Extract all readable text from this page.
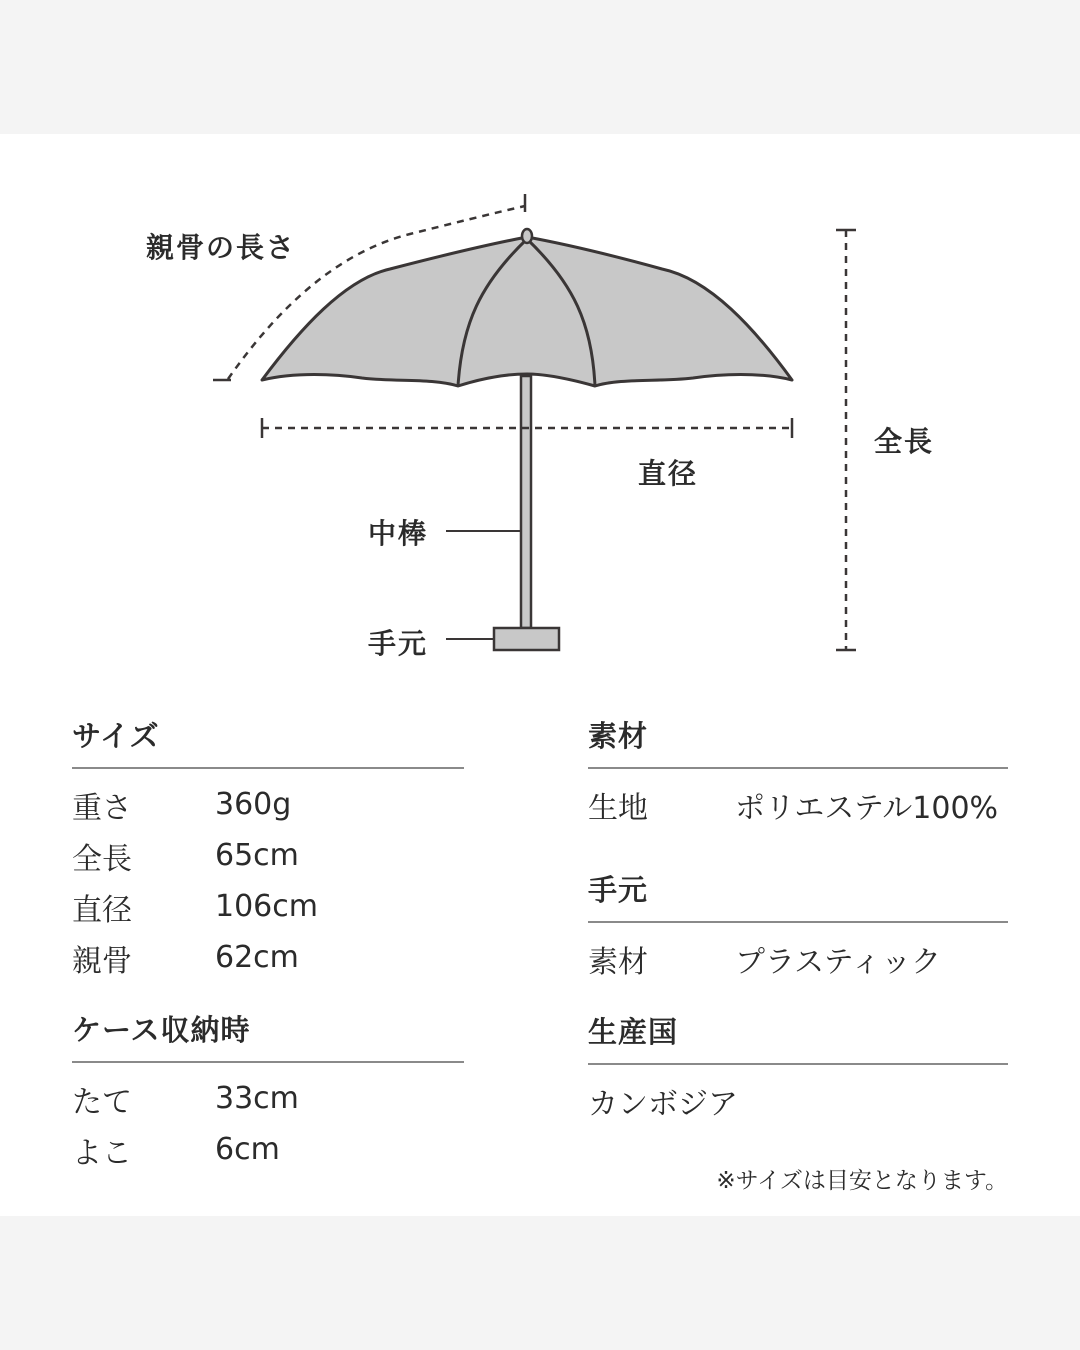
親骨の長さ
全長
直径
中棒
手元
サイズ
重さ	360g
全長	65cm
直径	106cm
親骨	62cm
ケース収納時
たて	33cm
よこ	6cm
素材
生地	ポリエステル100%
手元
素材	プラスティック
生産国
カンボジア
※サイズは目安となります。
